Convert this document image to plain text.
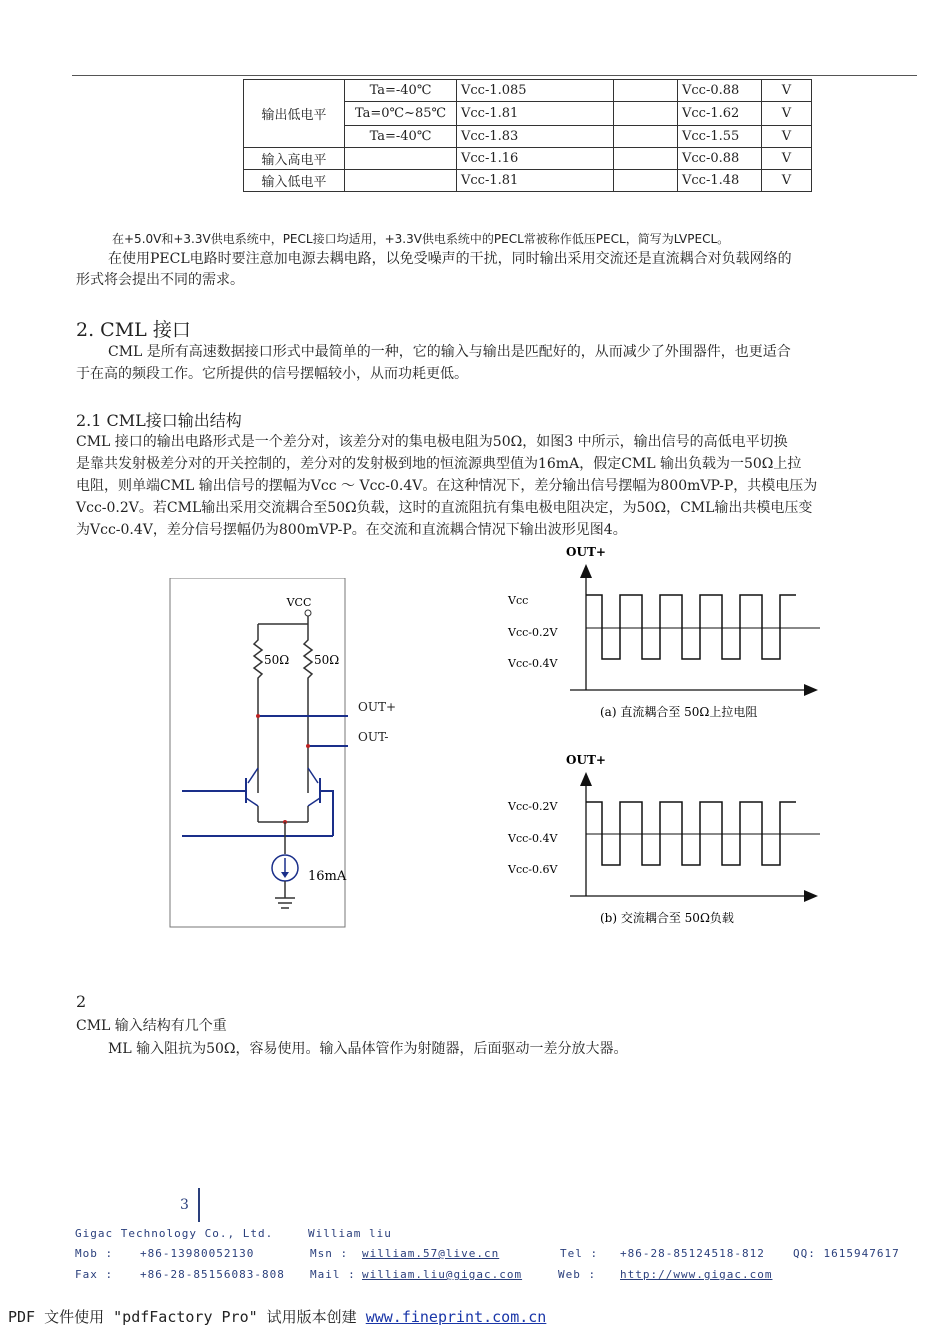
输出低电平	Ta=-40℃	Vcc-1.085		Vcc-0.88	V
	Ta=0℃~85℃	Vcc-1.81		Vcc-1.62	V
	Ta=-40℃	Vcc-1.83		Vcc-1.55	V
输入高电平		Vcc-1.16		Vcc-0.88	V
输入低电平		Vcc-1.81		Vcc-1.48	V
在+5.0V和+3.3V供电系统中，PECL接口均适用，+3.3V供电系统中的PECL常被称作低压PECL，简写为LVPECL。
在使用PECL电路时要注意加电源去耦电路，以免受噪声的干扰，同时输出采用交流还是直流耦合对负载网络的
形式将会提出不同的需求。
2. CML 接口
CML 是所有高速数据接口形式中最简单的一种，它的输入与输出是匹配好的，从而减少了外围器件，也更适合
于在高的频段工作。它所提供的信号摆幅较小，从而功耗更低。
2.1 CML接口输出结构
CML 接口的输出电路形式是一个差分对，该差分对的集电极电阻为50Ω，如图3 中所示，输出信号的高低电平切换
是靠共发射极差分对的开关控制的，差分对的发射极到地的恒流源典型值为16mA，假定CML 输出负载为一50Ω上拉
电阻，则单端CML 输出信号的摆幅为Vcc ～ Vcc-0.4V。在这种情况下，差分输出信号摆幅为800mVP-P，共模电压为
Vcc-0.2V。若CML输出采用交流耦合至50Ω负载，这时的直流阻抗有集电极电阻决定，为50Ω，CML输出共模电压变
为Vcc-0.4V，差分信号摆幅仍为800mVP-P。在交流和直流耦合情况下输出波形见图4。
VCC
50Ω 50Ω
16mA
OUT+
OUT-
OUT+
Vcc
Vcc-0.2V
Vcc-0.4V
(a) 直流耦合至 50Ω上拉电阻
OUT+
Vcc-0.2V
Vcc-0.4V
Vcc-0.6V
(b) 交流耦合至 50Ω负载
2
CML 输入结构有几个重
ML 输入阻抗为50Ω，容易使用。输入晶体管作为射随器，后面驱动一差分放大器。
3
Gigac Technology Co., Ltd.	William liu
Mob : +86-13980052130	Msn : william.57@live.cn	Tel : +86-28-85124518-812	QQ: 1615947617
Fax : +86-28-85156083-808 Mail : william.liu@gigac.com	Web : http://www.gigac.com
PDF 文件使用 "pdfFactory Pro" 试用版本创建 www.fineprint.com.cn
